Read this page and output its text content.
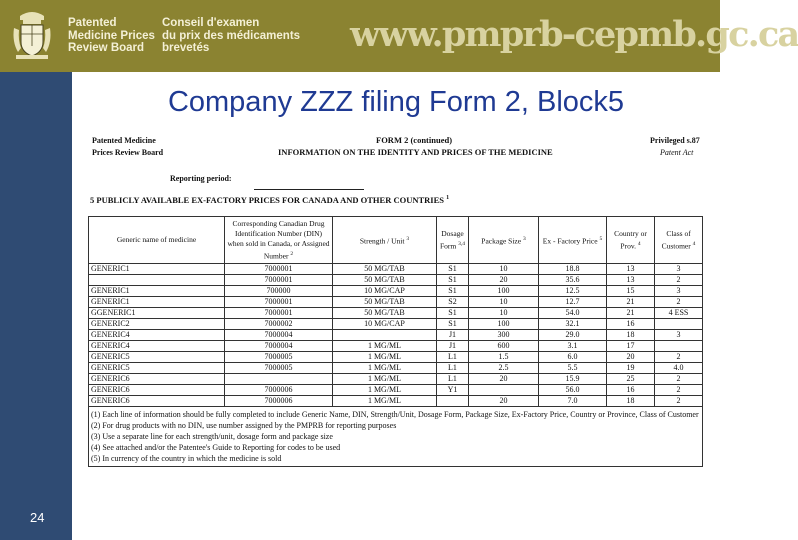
Patented
Medicine Prices
Review Board
Conseil d'examen
du prix des médicaments
brevetés	www.pmprb-cepmb.gc.ca
24
Company ZZZ filing Form 2, Block5
Patented Medicine
Prices Review Board
FORM 2 (continued)
INFORMATION ON THE IDENTITY AND PRICES OF THE MEDICINE
Privileged s.87
Patent Act
Reporting period:
5 PUBLICLY AVAILABLE EX-FACTORY PRICES FOR CANADA AND OTHER COUNTRIES $^1$
Generic name of medicine	Corresponding Canadian Drug Identification Number (DIN) when sold in Canada, or Assigned Number $^2$	Strength / Unit $^3$	Dosage Form $^{3,4}$	Package Size $^3$	Ex - Factory Price $^5$	Country or Prov. $^4$	Class of Customer $^4$
GENERIC1	7000001	50 MG/TAB	S1	10	18.8	13	3
	7000001	50 MG/TAB	S1	20	35.6	13	2
GENERIC1	700000	10 MG/CAP	S1	100	12.5	15	3
GENERIC1	7000001	50 MG/TAB	S2	10	12.7	21	2
GGENERIC1	7000001	50 MG/TAB	S1	10	54.0	21	4 ESS
GENERIC2	7000002	10 MG/CAP	S1	100	32.1	16	
GENERIC4	7000004		J1	300	29.0	18	3
GENERIC4	7000004	1 MG/ML	J1	600	3.1	17	
GENERIC5	7000005	1 MG/ML	L1	1.5	6.0	20	2
GENERIC5	7000005	1 MG/ML	L1	2.5	5.5	19	4.0
GENERIC6		1 MG/ML	L1	20	15.9	25	2
GENERIC6	7000006	1 MG/ML	Y1		56.0	16	2
GENERIC6	7000006	1 MG/ML		20	7.0	18	2

(1) Each line of information should be fully completed to include Generic Name, DIN, Strength/Unit, Dosage Form, Package Size, Ex-Factory Price, Country or Province, Class of Customer
(2) For drug products with no DIN, use number assigned by the PMPRB for reporting purposes
(3) Use a separate line for each strength/unit, dosage form and package size
(4) See attached and/or the Patentee's Guide to Reporting for codes to be used
(5) In currency of the country in which the medicine is sold							
